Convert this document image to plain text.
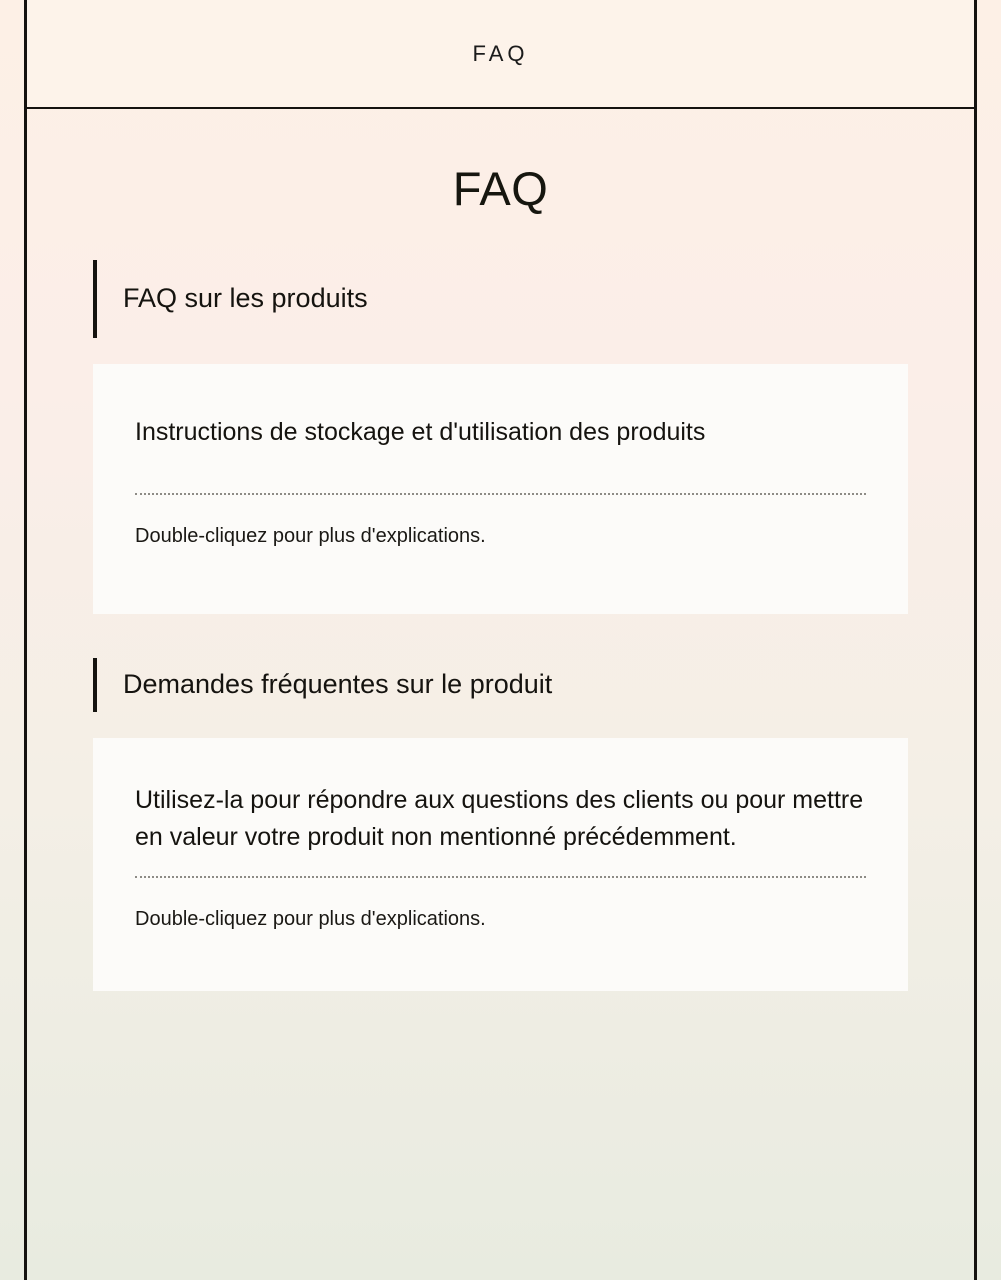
FAQ
FAQ
FAQ sur les produits

Instructions de stockage et d'utilisation des produits

Double-cliquez pour plus d'explications.

Demandes fréquentes sur le produit

Utilisez-la pour répondre aux questions des clients ou pour mettre en valeur votre produit non mentionné précédemment.

Double-cliquez pour plus d'explications.
